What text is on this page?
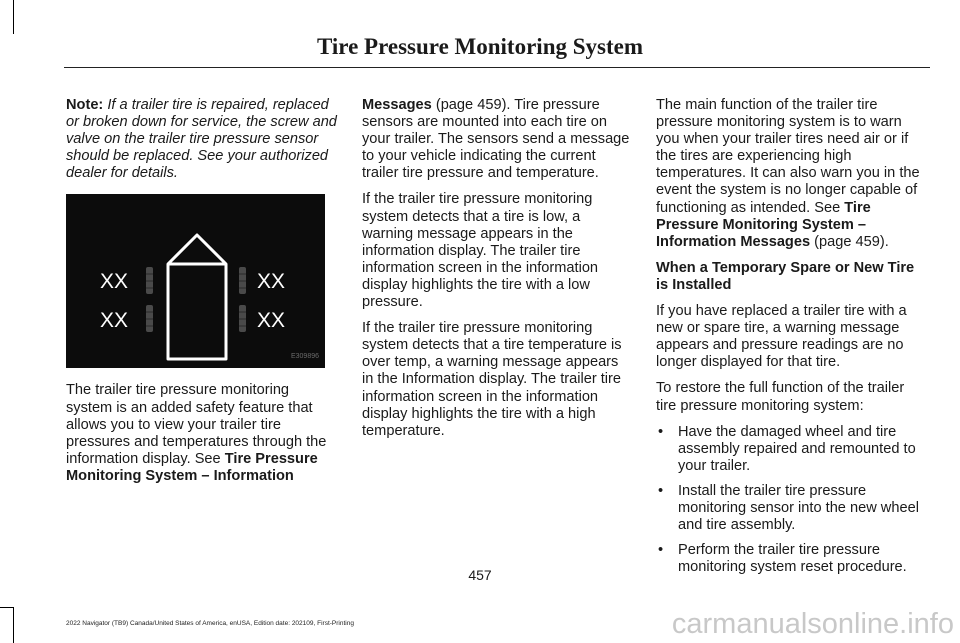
Tire Pressure Monitoring System

Note: If a trailer tire is repaired, replaced or broken down for service, the screw and valve on the trailer tire pressure sensor should be replaced. See your authorized dealer for details.

XX
XX
XX
XX
E309896

The trailer tire pressure monitoring system is an added safety feature that allows you to view your trailer tire pressures and temperatures through the information display. See Tire Pressure Monitoring System – Information

Messages (page 459). Tire pressure sensors are mounted into each tire on your trailer. The sensors send a message to your vehicle indicating the current trailer tire pressure and temperature.

If the trailer tire pressure monitoring system detects that a tire is low, a warning message appears in the information display. The trailer tire information screen in the information display highlights the tire with a low pressure.

If the trailer tire pressure monitoring system detects that a tire temperature is over temp, a warning message appears in the Information display. The trailer tire information screen in the information display highlights the tire with a high temperature.

The main function of the trailer tire pressure monitoring system is to warn you when your trailer tires need air or if the tires are experiencing high temperatures. It can also warn you in the event the system is no longer capable of functioning as intended. See Tire Pressure Monitoring System – Information Messages (page 459).

When a Temporary Spare or New Tire is Installed

If you have replaced a trailer tire with a new or spare tire, a warning message appears and pressure readings are no longer displayed for that tire.

To restore the full function of the trailer tire pressure monitoring system:

• Have the damaged wheel and tire assembly repaired and remounted to your trailer.
• Install the trailer tire pressure monitoring sensor into the new wheel and tire assembly.
• Perform the trailer tire pressure monitoring system reset procedure.
457
2022 Navigator (TB9) Canada/United States of America, enUSA, Edition date: 202109, First-Printing	carmanualsonline.info
